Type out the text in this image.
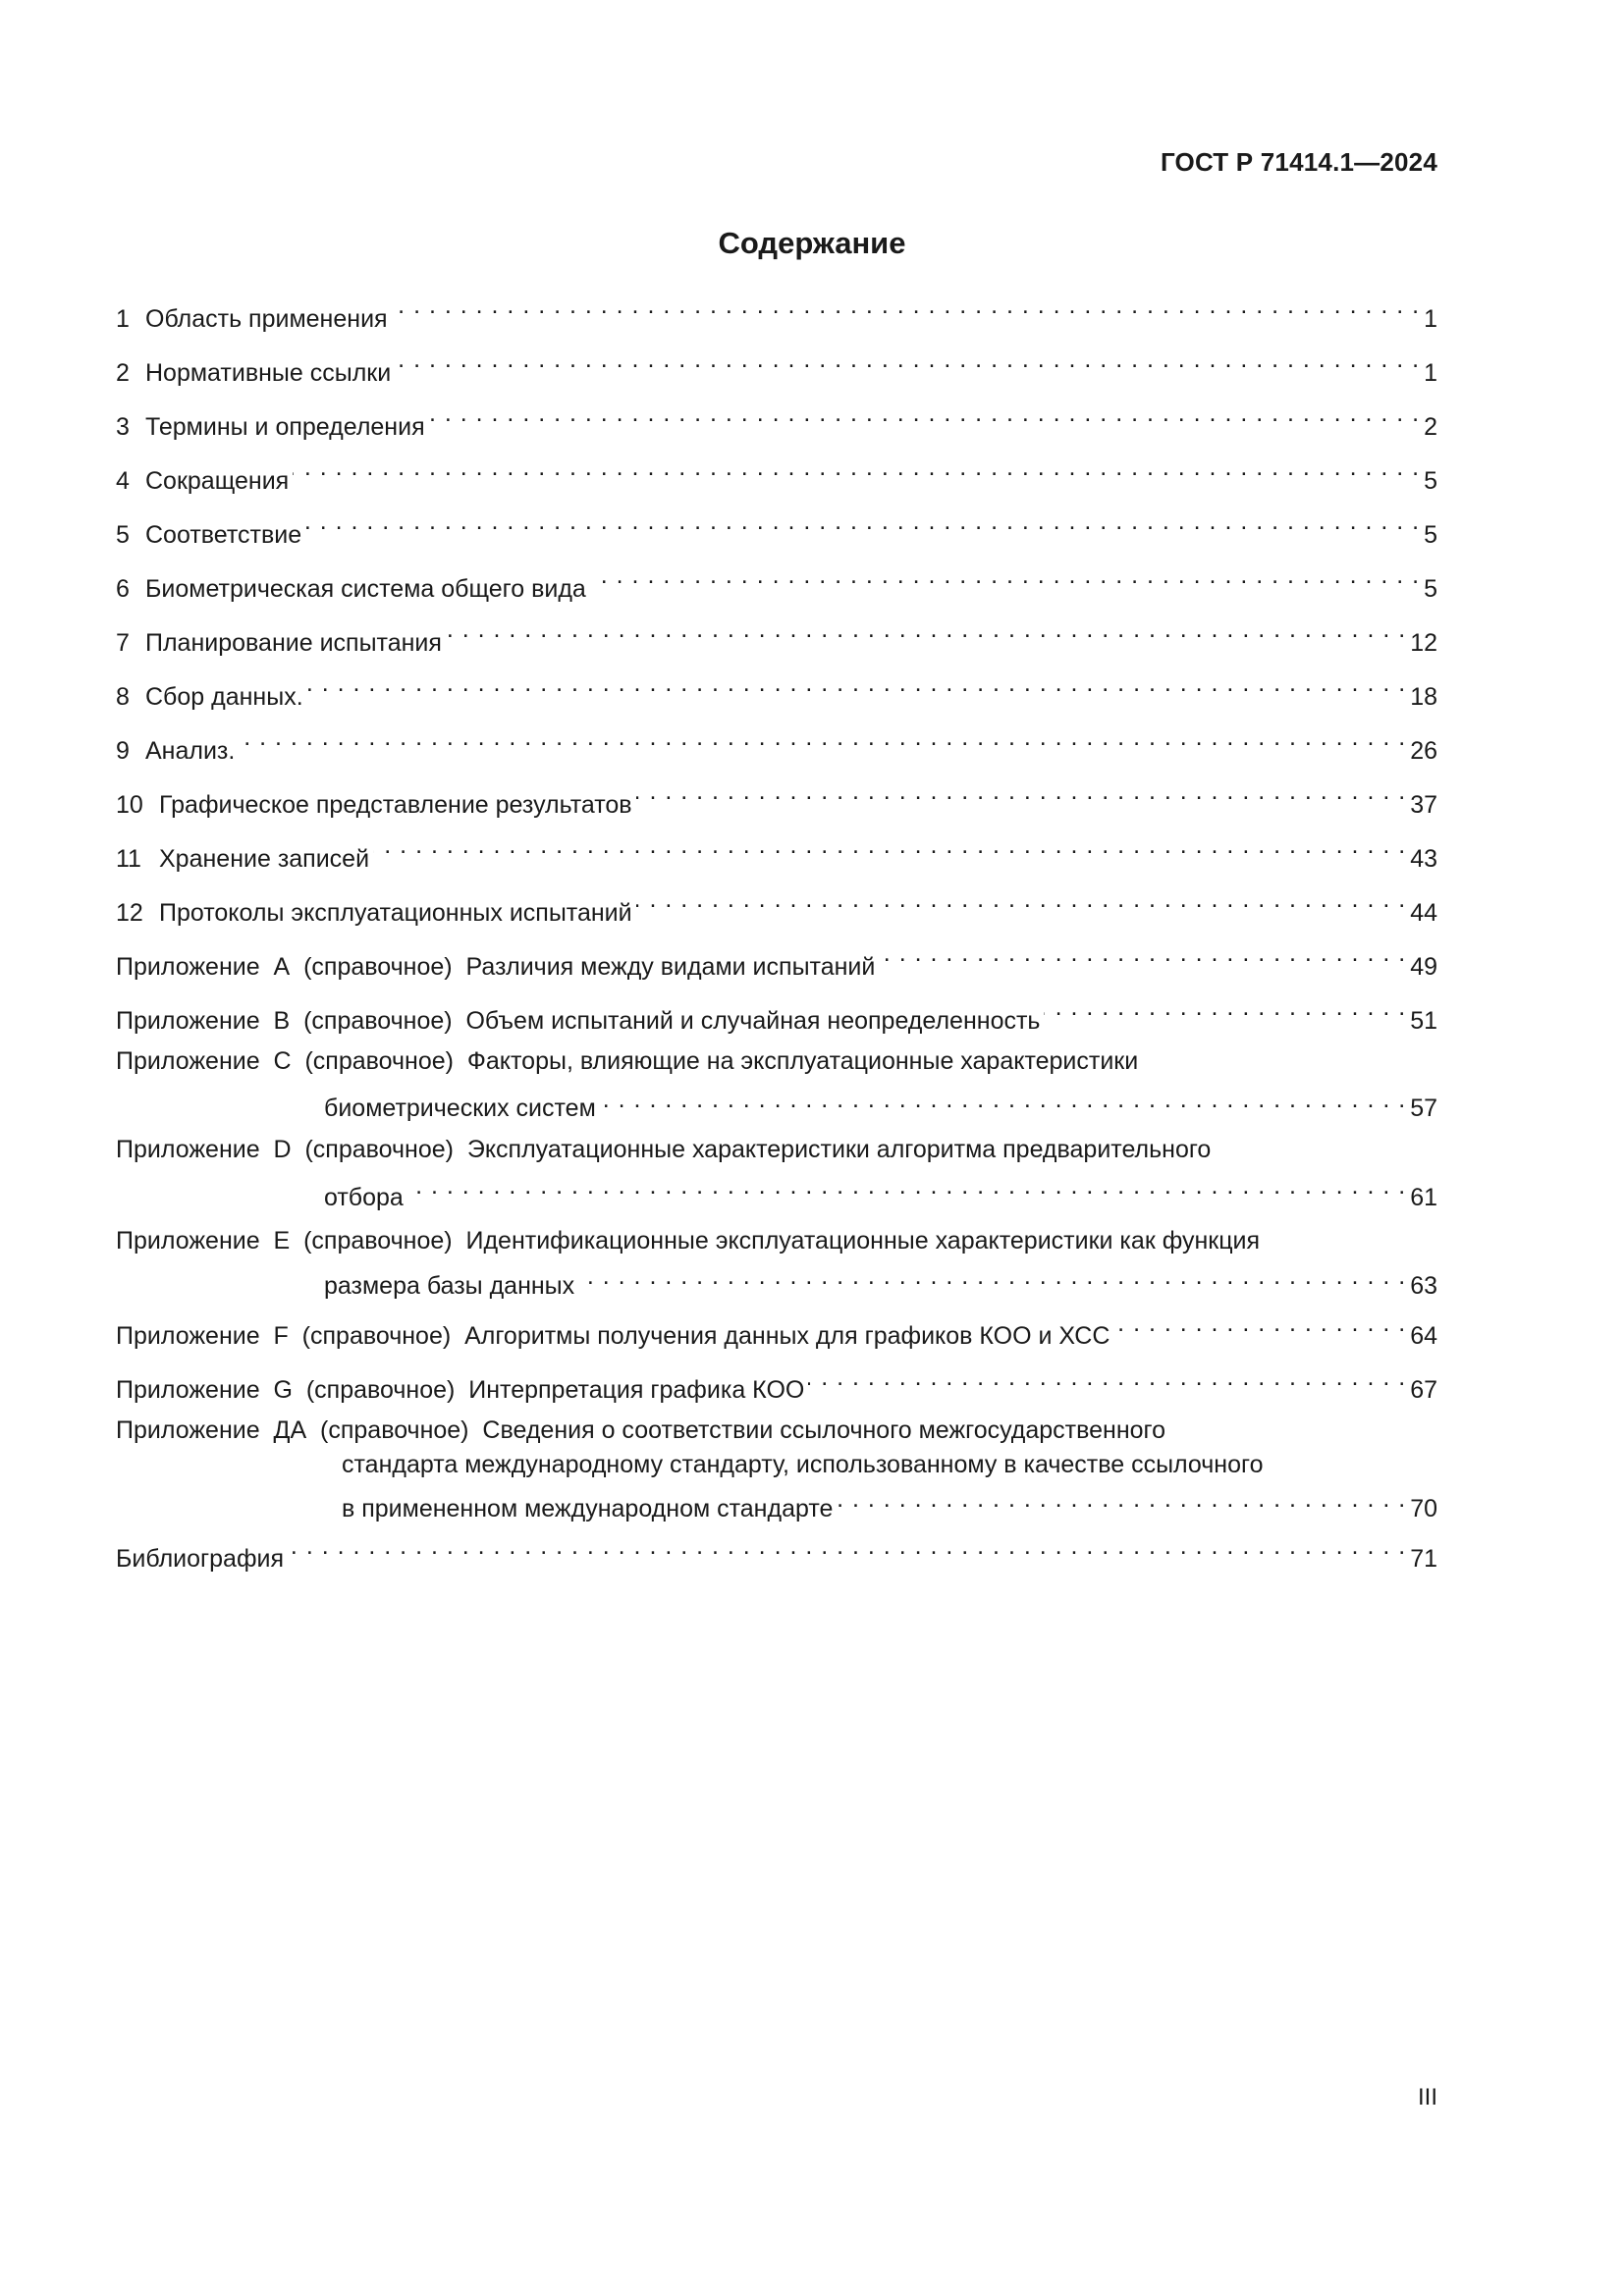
ГОСТ Р 71414.1—2024
Содержание
1 Область применения . . .	1
2 Нормативные ссылки . . .	1
3 Термины и определения . . .	2
4 Сокращения . . .	5
5 Соответствие . . .	5
6 Биометрическая система общего вида . . .	5
7 Планирование испытания . . .	12
8 Сбор данных. . . .	18
9 Анализ. . . .	26
10 Графическое представление результатов . . .	37
11 Хранение записей . . .	43
12 Протоколы эксплуатационных испытаний . . .	44
Приложение  А  (справочное)
Различия между видами испытаний . . .	49
Приложение  В  (справочное)
Объем испытаний и случайная неопределенность . . .	51
Приложение  С  (справочное)
Факторы, влияющие на эксплуатационные характеристики
биометрических систем . . .	57
Приложение  D  (справочное)
Эксплуатационные характеристики алгоритма предварительного
отбора . . .	61
Приложение  Е  (справочное)
Идентификационные эксплуатационные характеристики как функция
размера базы данных . . .	63
Приложение  F  (справочное)
Алгоритмы получения данных для графиков КОО и ХСС . . .	64
Приложение  G  (справочное)
Интерпретация графика КОО . . .	67
Приложение  ДА  (справочное)
Сведения о соответствии ссылочного межгосударственного
стандарта международному стандарту, использованному в качестве ссылочного
в примененном международном стандарте . . .	70
Библиография . . .	71
III
